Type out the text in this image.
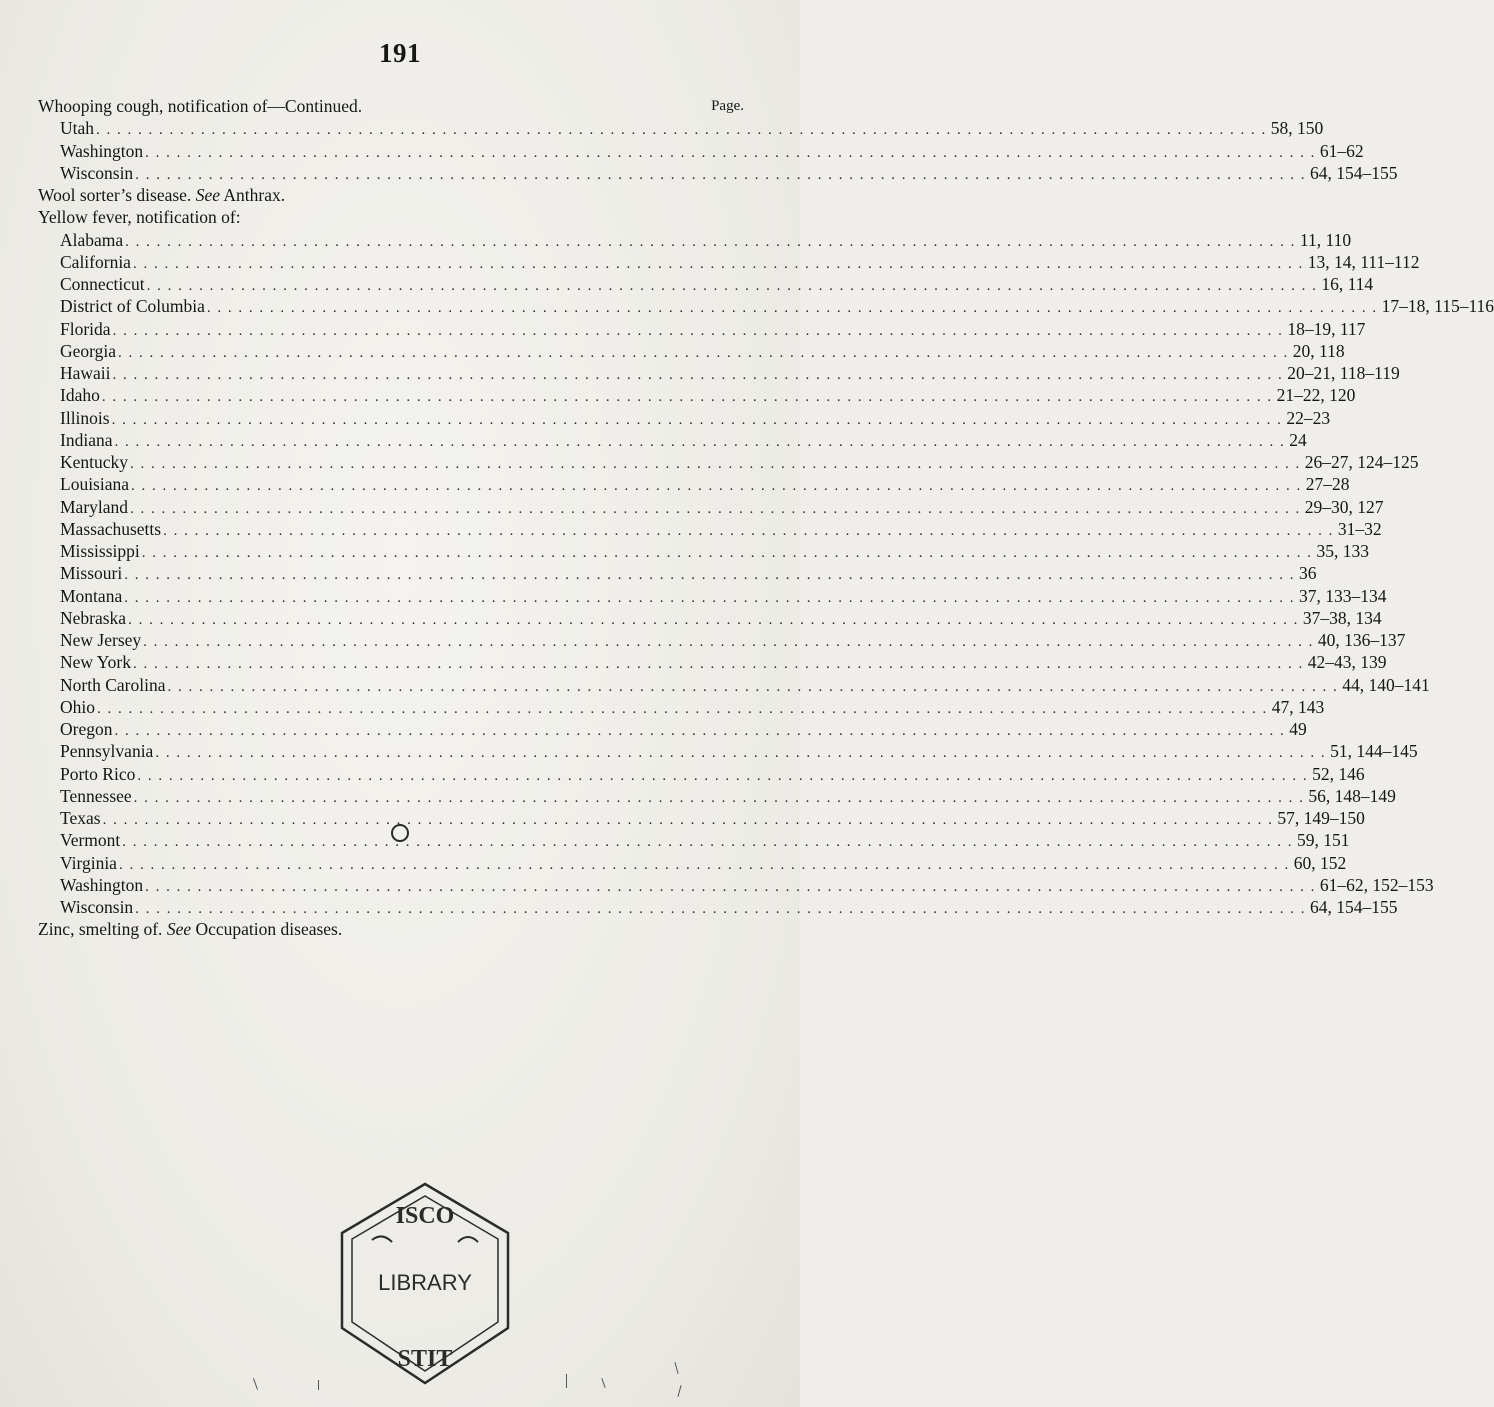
191
Whooping cough, notification of—Continued.	Page.
Utah . . . . . . . . . . . . . . . . . . . . . . . . . . . . . . . . . . . . . . . . . . . . . . . . . . . . . . . . . . . . . . . . . . . . . . . . . . . . . . . . . . . . . . . . . . . . . . . . . . . . . . . . . . . . . . . . 58, 150
Washington . . . . . . . . . . . . . . . . . . . . . . . . . . . . . . . . . . . . . . . . . . . . . . . . . . . . . . . . . . . . . . . . . . . . . . . . . . . . . . . . . . . . . . . . . . . . . . . . . . . . . . . . . . . . . . . . 61–62
Wisconsin . . . . . . . . . . . . . . . . . . . . . . . . . . . . . . . . . . . . . . . . . . . . . . . . . . . . . . . . . . . . . . . . . . . . . . . . . . . . . . . . . . . . . . . . . . . . . . . . . . . . . . . . . . . . . . . . 64, 154–155
Wool sorter’s disease. See Anthrax.
Yellow fever, notification of:
Alabama . . . . . . . . . . . . . . . . . . . . . . . . . . . . . . . . . . . . . . . . . . . . . . . . . . . . . . . . . . . . . . . . . . . . . . . . . . . . . . . . . . . . . . . . . . . . . . . . . . . . . . . . . . . . . . . . 11, 110
California . . . . . . . . . . . . . . . . . . . . . . . . . . . . . . . . . . . . . . . . . . . . . . . . . . . . . . . . . . . . . . . . . . . . . . . . . . . . . . . . . . . . . . . . . . . . . . . . . . . . . . . . . . . . . . . . 13, 14, 111–112
Connecticut . . . . . . . . . . . . . . . . . . . . . . . . . . . . . . . . . . . . . . . . . . . . . . . . . . . . . . . . . . . . . . . . . . . . . . . . . . . . . . . . . . . . . . . . . . . . . . . . . . . . . . . . . . . . . . . . 16, 114
District of Columbia . . . . . . . . . . . . . . . . . . . . . . . . . . . . . . . . . . . . . . . . . . . . . . . . . . . . . . . . . . . . . . . . . . . . . . . . . . . . . . . . . . . . . . . . . . . . . . . . . . . . . . . . . . . . . . . . 17–18, 115–116
Florida . . . . . . . . . . . . . . . . . . . . . . . . . . . . . . . . . . . . . . . . . . . . . . . . . . . . . . . . . . . . . . . . . . . . . . . . . . . . . . . . . . . . . . . . . . . . . . . . . . . . . . . . . . . . . . . . 18–19, 117
Georgia . . . . . . . . . . . . . . . . . . . . . . . . . . . . . . . . . . . . . . . . . . . . . . . . . . . . . . . . . . . . . . . . . . . . . . . . . . . . . . . . . . . . . . . . . . . . . . . . . . . . . . . . . . . . . . . . 20, 118
Hawaii . . . . . . . . . . . . . . . . . . . . . . . . . . . . . . . . . . . . . . . . . . . . . . . . . . . . . . . . . . . . . . . . . . . . . . . . . . . . . . . . . . . . . . . . . . . . . . . . . . . . . . . . . . . . . . . . 20–21, 118–119
Idaho . . . . . . . . . . . . . . . . . . . . . . . . . . . . . . . . . . . . . . . . . . . . . . . . . . . . . . . . . . . . . . . . . . . . . . . . . . . . . . . . . . . . . . . . . . . . . . . . . . . . . . . . . . . . . . . . 21–22, 120
Illinois . . . . . . . . . . . . . . . . . . . . . . . . . . . . . . . . . . . . . . . . . . . . . . . . . . . . . . . . . . . . . . . . . . . . . . . . . . . . . . . . . . . . . . . . . . . . . . . . . . . . . . . . . . . . . . . . 22–23
Indiana . . . . . . . . . . . . . . . . . . . . . . . . . . . . . . . . . . . . . . . . . . . . . . . . . . . . . . . . . . . . . . . . . . . . . . . . . . . . . . . . . . . . . . . . . . . . . . . . . . . . . . . . . . . . . . . . 24
Kentucky . . . . . . . . . . . . . . . . . . . . . . . . . . . . . . . . . . . . . . . . . . . . . . . . . . . . . . . . . . . . . . . . . . . . . . . . . . . . . . . . . . . . . . . . . . . . . . . . . . . . . . . . . . . . . . . . 26–27, 124–125
Louisiana . . . . . . . . . . . . . . . . . . . . . . . . . . . . . . . . . . . . . . . . . . . . . . . . . . . . . . . . . . . . . . . . . . . . . . . . . . . . . . . . . . . . . . . . . . . . . . . . . . . . . . . . . . . . . . . . 27–28
Maryland . . . . . . . . . . . . . . . . . . . . . . . . . . . . . . . . . . . . . . . . . . . . . . . . . . . . . . . . . . . . . . . . . . . . . . . . . . . . . . . . . . . . . . . . . . . . . . . . . . . . . . . . . . . . . . . . 29–30, 127
Massachusetts . . . . . . . . . . . . . . . . . . . . . . . . . . . . . . . . . . . . . . . . . . . . . . . . . . . . . . . . . . . . . . . . . . . . . . . . . . . . . . . . . . . . . . . . . . . . . . . . . . . . . . . . . . . . . . . . 31–32
Mississippi . . . . . . . . . . . . . . . . . . . . . . . . . . . . . . . . . . . . . . . . . . . . . . . . . . . . . . . . . . . . . . . . . . . . . . . . . . . . . . . . . . . . . . . . . . . . . . . . . . . . . . . . . . . . . . . . 35, 133
Missouri . . . . . . . . . . . . . . . . . . . . . . . . . . . . . . . . . . . . . . . . . . . . . . . . . . . . . . . . . . . . . . . . . . . . . . . . . . . . . . . . . . . . . . . . . . . . . . . . . . . . . . . . . . . . . . . . 36
Montana . . . . . . . . . . . . . . . . . . . . . . . . . . . . . . . . . . . . . . . . . . . . . . . . . . . . . . . . . . . . . . . . . . . . . . . . . . . . . . . . . . . . . . . . . . . . . . . . . . . . . . . . . . . . . . . . 37, 133–134
Nebraska . . . . . . . . . . . . . . . . . . . . . . . . . . . . . . . . . . . . . . . . . . . . . . . . . . . . . . . . . . . . . . . . . . . . . . . . . . . . . . . . . . . . . . . . . . . . . . . . . . . . . . . . . . . . . . . . 37–38, 134
New Jersey . . . . . . . . . . . . . . . . . . . . . . . . . . . . . . . . . . . . . . . . . . . . . . . . . . . . . . . . . . . . . . . . . . . . . . . . . . . . . . . . . . . . . . . . . . . . . . . . . . . . . . . . . . . . . . . . 40, 136–137
New York . . . . . . . . . . . . . . . . . . . . . . . . . . . . . . . . . . . . . . . . . . . . . . . . . . . . . . . . . . . . . . . . . . . . . . . . . . . . . . . . . . . . . . . . . . . . . . . . . . . . . . . . . . . . . . . . 42–43, 139
North Carolina . . . . . . . . . . . . . . . . . . . . . . . . . . . . . . . . . . . . . . . . . . . . . . . . . . . . . . . . . . . . . . . . . . . . . . . . . . . . . . . . . . . . . . . . . . . . . . . . . . . . . . . . . . . . . . . . 44, 140–141
Ohio . . . . . . . . . . . . . . . . . . . . . . . . . . . . . . . . . . . . . . . . . . . . . . . . . . . . . . . . . . . . . . . . . . . . . . . . . . . . . . . . . . . . . . . . . . . . . . . . . . . . . . . . . . . . . . . . 47, 143
Oregon . . . . . . . . . . . . . . . . . . . . . . . . . . . . . . . . . . . . . . . . . . . . . . . . . . . . . . . . . . . . . . . . . . . . . . . . . . . . . . . . . . . . . . . . . . . . . . . . . . . . . . . . . . . . . . . . 49
Pennsylvania . . . . . . . . . . . . . . . . . . . . . . . . . . . . . . . . . . . . . . . . . . . . . . . . . . . . . . . . . . . . . . . . . . . . . . . . . . . . . . . . . . . . . . . . . . . . . . . . . . . . . . . . . . . . . . . . 51, 144–145
Porto Rico . . . . . . . . . . . . . . . . . . . . . . . . . . . . . . . . . . . . . . . . . . . . . . . . . . . . . . . . . . . . . . . . . . . . . . . . . . . . . . . . . . . . . . . . . . . . . . . . . . . . . . . . . . . . . . . . 52, 146
Tennessee . . . . . . . . . . . . . . . . . . . . . . . . . . . . . . . . . . . . . . . . . . . . . . . . . . . . . . . . . . . . . . . . . . . . . . . . . . . . . . . . . . . . . . . . . . . . . . . . . . . . . . . . . . . . . . . . 56, 148–149
Texas . . . . . . . . . . . . . . . . . . . . . . . . . . . . . . . . . . . . . . . . . . . . . . . . . . . . . . . . . . . . . . . . . . . . . . . . . . . . . . . . . . . . . . . . . . . . . . . . . . . . . . . . . . . . . . . . 57, 149–150
Vermont . . . . . . . . . . . . . . . . . . . . . . . . . . . . . . . . . . . . . . . . . . . . . . . . . . . . . . . . . . . . . . . . . . . . . . . . . . . . . . . . . . . . . . . . . . . . . . . . . . . . . . . . . . . . . . . . 59, 151
Virginia . . . . . . . . . . . . . . . . . . . . . . . . . . . . . . . . . . . . . . . . . . . . . . . . . . . . . . . . . . . . . . . . . . . . . . . . . . . . . . . . . . . . . . . . . . . . . . . . . . . . . . . . . . . . . . . . 60, 152
Washington . . . . . . . . . . . . . . . . . . . . . . . . . . . . . . . . . . . . . . . . . . . . . . . . . . . . . . . . . . . . . . . . . . . . . . . . . . . . . . . . . . . . . . . . . . . . . . . . . . . . . . . . . . . . . . . . 61–62, 152–153
Wisconsin . . . . . . . . . . . . . . . . . . . . . . . . . . . . . . . . . . . . . . . . . . . . . . . . . . . . . . . . . . . . . . . . . . . . . . . . . . . . . . . . . . . . . . . . . . . . . . . . . . . . . . . . . . . . . . . . 64, 154–155
Zinc, smelting of. See Occupation diseases.
ISCO
LIBRARY
STIT
